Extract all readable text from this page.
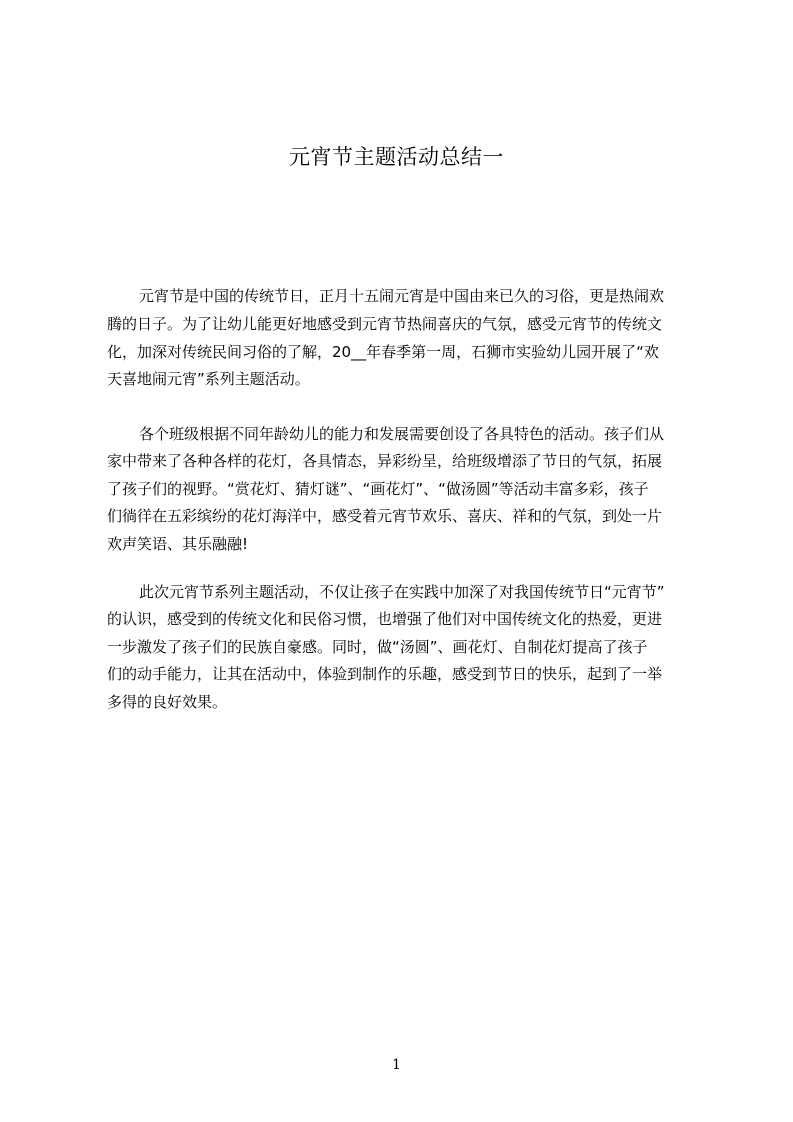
元宵节主题活动总结一

元宵节是中国的传统节日，正月十五闹元宵是中国由来已久的习俗，更是热闹欢

腾的日子。为了让幼儿能更好地感受到元宵节热闹喜庆的气氛，感受元宵节的传统文

化，加深对传统民间习俗的了解，20__年春季第一周，石狮市实验幼儿园开展了“欢

天喜地闹元宵”系列主题活动。

各个班级根据不同年龄幼儿的能力和发展需要创设了各具特色的活动。孩子们从

家中带来了各种各样的花灯，各具情态，异彩纷呈，给班级增添了节日的气氛，拓展

了孩子们的视野。“赏花灯、猜灯谜”、“画花灯”、“做汤圆”等活动丰富多彩，孩子

们徜徉在五彩缤纷的花灯海洋中，感受着元宵节欢乐、喜庆、祥和的气氛，到处一片

欢声笑语、其乐融融!

此次元宵节系列主题活动，不仅让孩子在实践中加深了对我国传统节日“元宵节”

的认识，感受到的传统文化和民俗习惯，也增强了他们对中国传统文化的热爱，更进

一步激发了孩子们的民族自豪感。同时，做“汤圆”、画花灯、自制花灯提高了孩子

们的动手能力，让其在活动中，体验到制作的乐趣，感受到节日的快乐，起到了一举

多得的良好效果。

1
